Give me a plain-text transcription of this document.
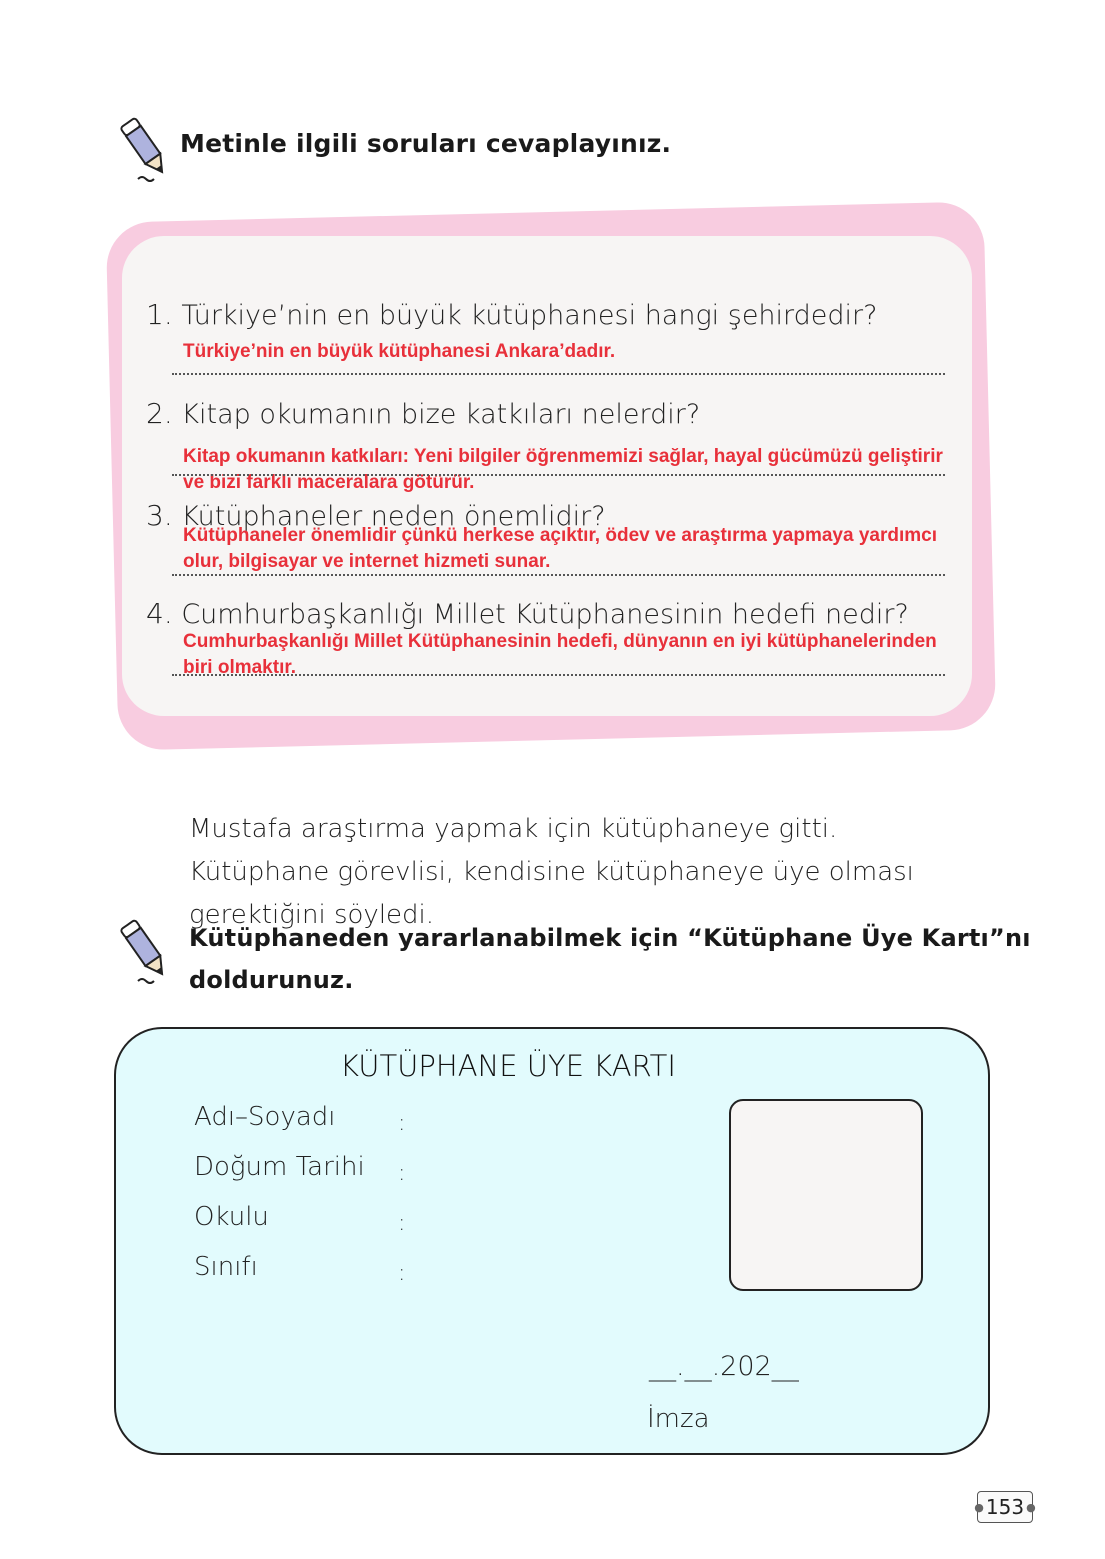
Metinle ilgili soruları cevaplayınız.
1. Türkiye’nin en büyük kütüphanesi hangi şehirdedir?
Türkiye’nin en büyük kütüphanesi Ankara’dadır.
2. Kitap okumanın bize katkıları nelerdir?
Kitap okumanın katkıları: Yeni bilgiler öğrenmemizi sağlar, hayal gücümüzü geliştirir ve bizi farklı maceralara götürür.
3. Kütüphaneler neden önemlidir?
Kütüphaneler önemlidir çünkü herkese açıktır, ödev ve araştırma yapmaya yardımcı olur, bilgisayar ve internet hizmeti sunar.
4. Cumhurbaşkanlığı Millet Kütüphanesinin hedefi nedir?
Cumhurbaşkanlığı Millet Kütüphanesinin hedefi, dünyanın en iyi kütüphanelerinden biri olmaktır.
Mustafa araştırma yapmak için kütüphaneye gitti. Kütüphane görevlisi, kendisine kütüphaneye üye olması gerektiğini söyledi.
Kütüphaneden yararlanabilmek için “Kütüphane Üye Kartı”nı
doldurunuz.
KÜTÜPHANE ÜYE KARTI
Adı–Soyadı	:
Doğum Tarihi :
Okulu	:
Sınıfı	:
__.__.202__
İmza
● 153 ●
